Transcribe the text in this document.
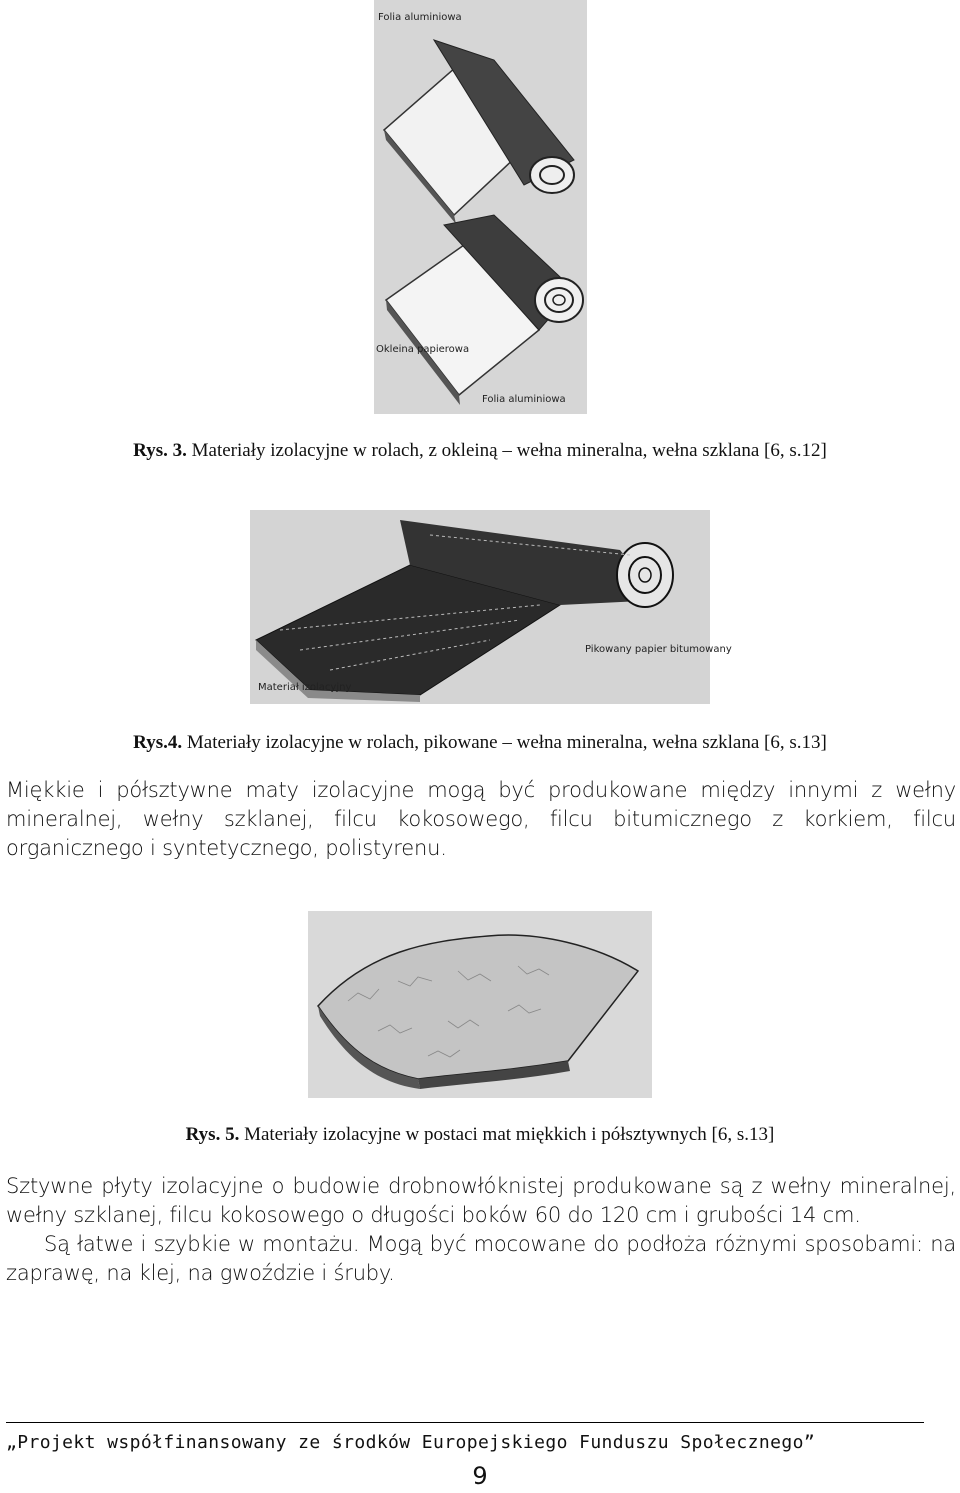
Folia aluminiowa
Okleina papierowa
Folia aluminiowa
Rys. 3. Materiały izolacyjne w rolach, z okleiną – wełna mineralna, wełna szklana [6, s.12]
Pikowany papier bitumowany
Materiał izolacyjny
Rys.4. Materiały izolacyjne w rolach, pikowane – wełna mineralna, wełna szklana [6, s.13]
Miękkie i półsztywne maty izolacyjne mogą być produkowane między innymi z wełny mineralnej, wełny szklanej, filcu kokosowego, filcu bitumicznego z korkiem, filcu organicznego i syntetycznego, polistyrenu.
Rys. 5. Materiały izolacyjne w postaci mat miękkich i półsztywnych [6, s.13]
Sztywne płyty izolacyjne o budowie drobnowłóknistej produkowane są z wełny mineralnej, wełny szklanej, filcu kokosowego o długości boków 60 do 120 cm i grubości 14 cm.
Są łatwe i szybkie w montażu. Mogą być mocowane do podłoża różnymi sposobami: na zaprawę, na klej, na gwoździe i śruby.
„Projekt współfinansowany ze środków Europejskiego Funduszu Społecznego”
9
